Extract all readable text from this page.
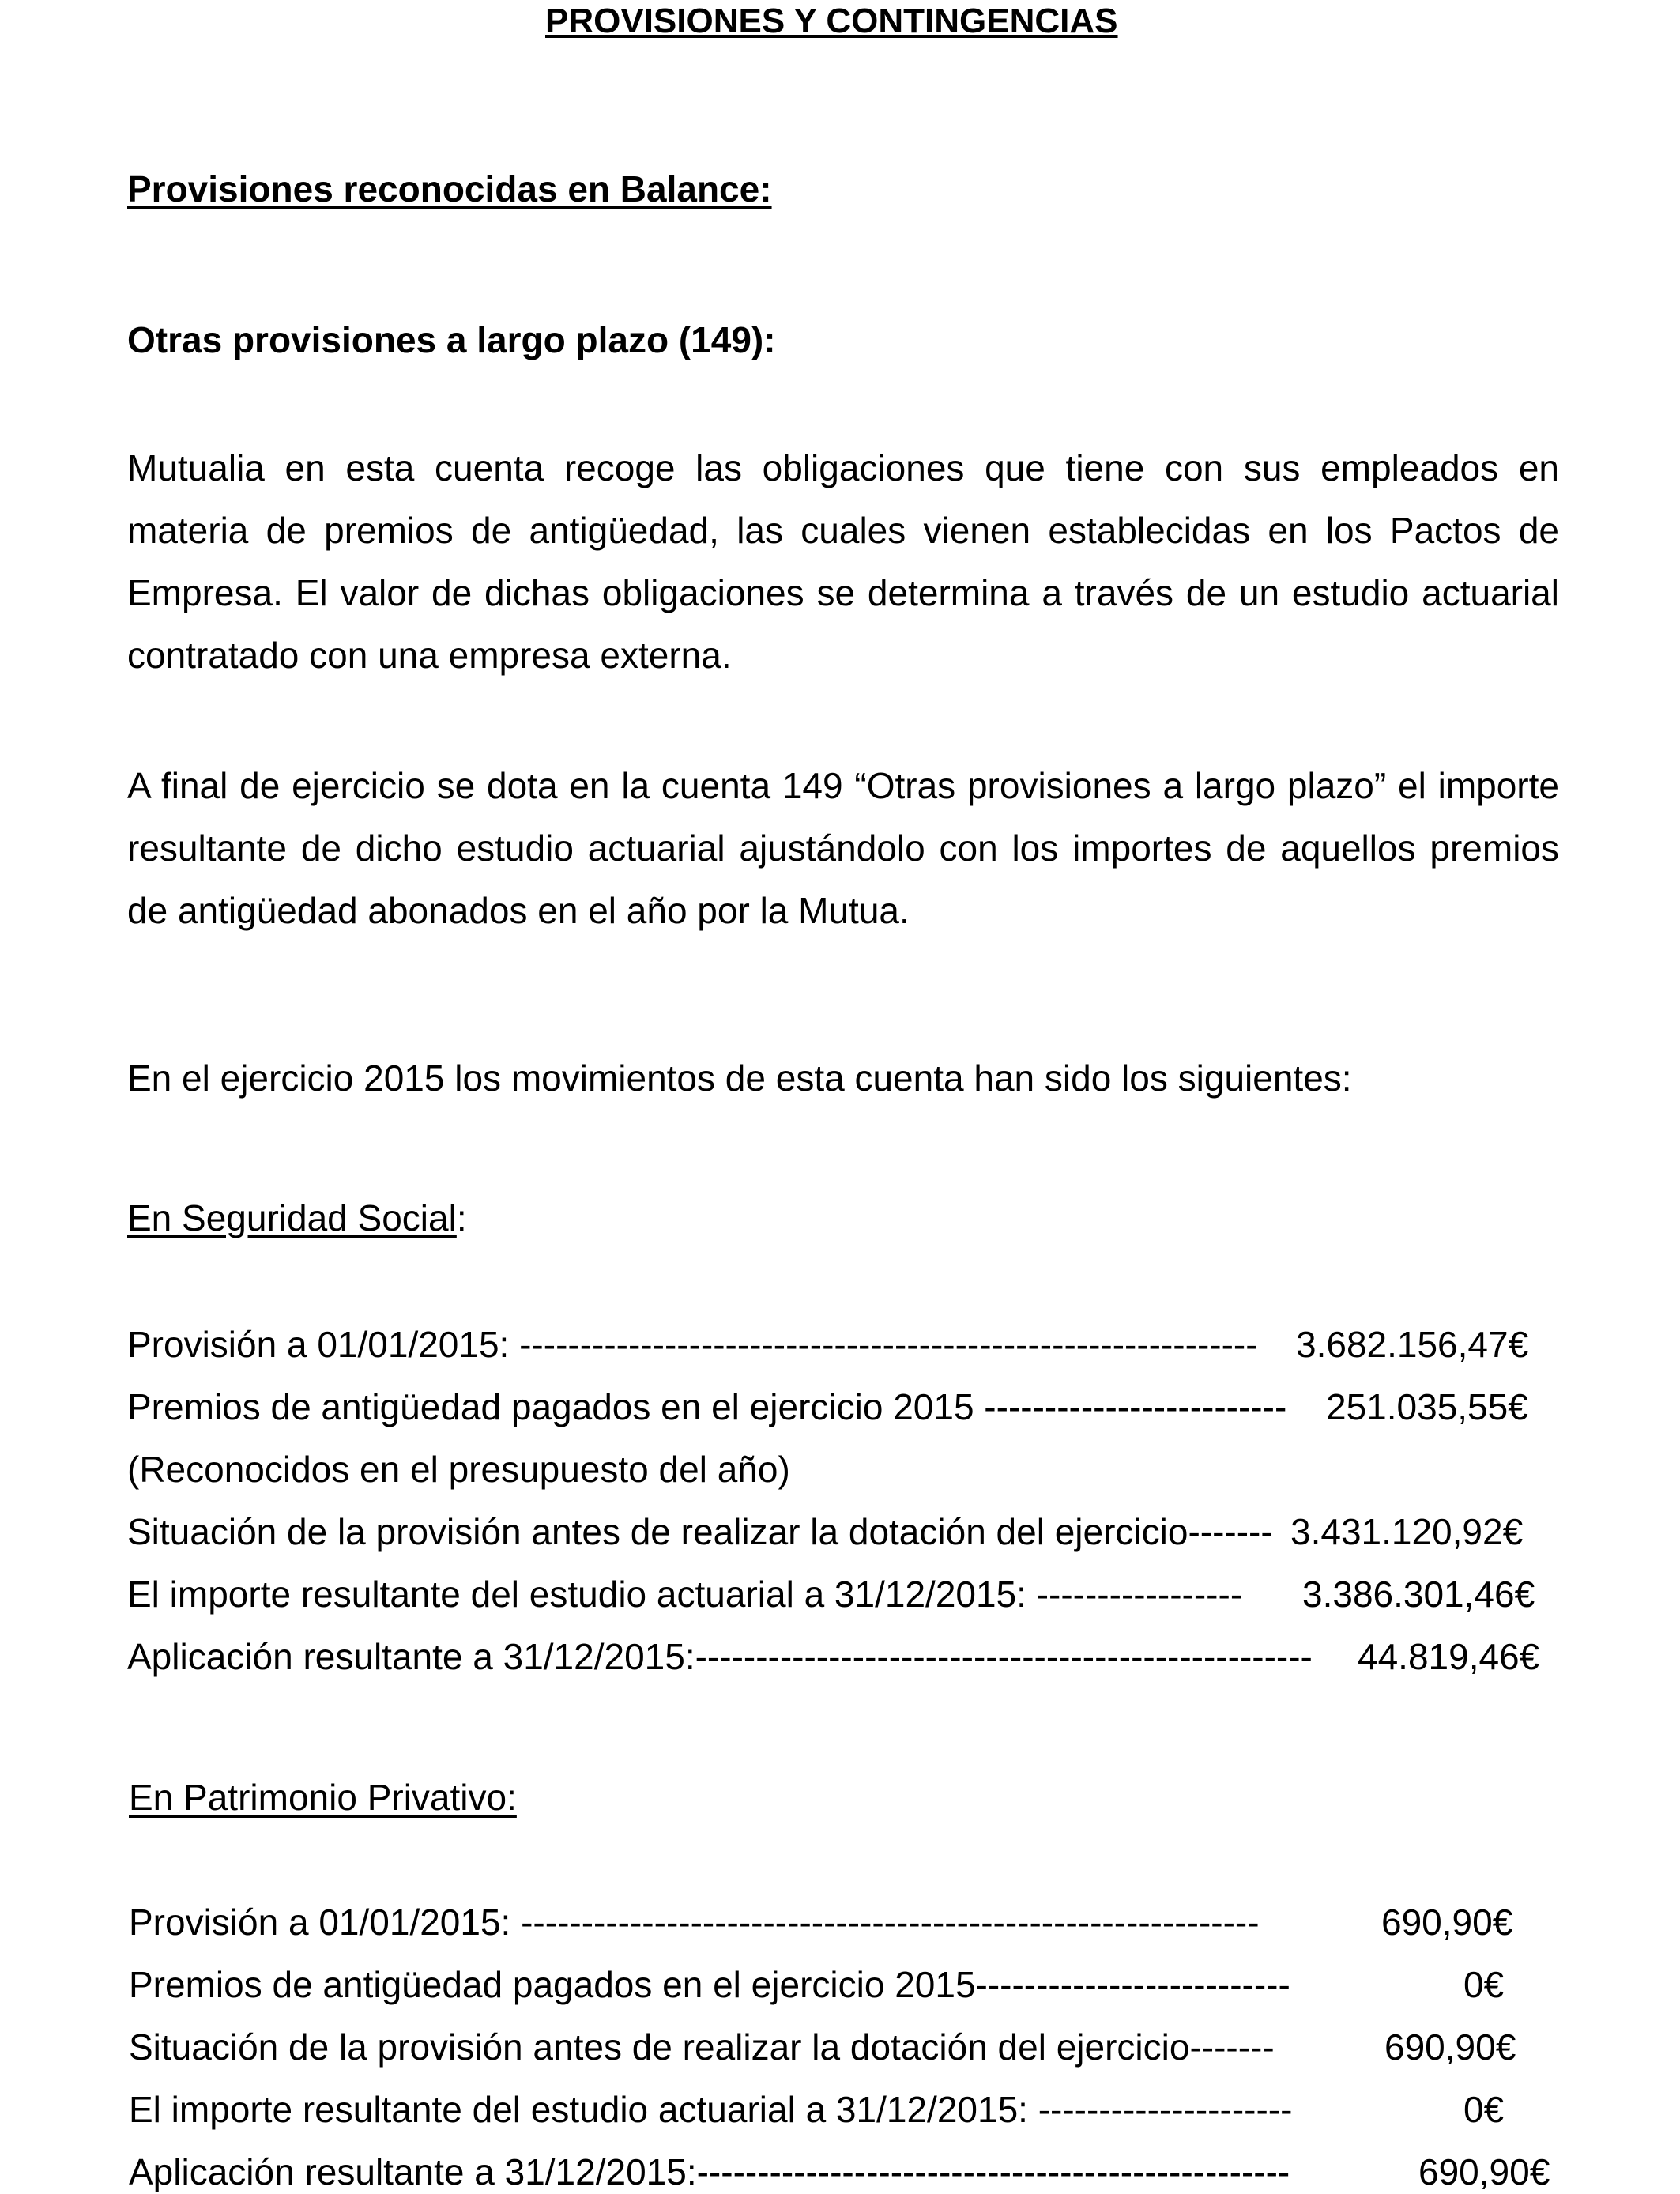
PROVISIONES Y CONTINGENCIAS
Provisiones reconocidas en Balance:
Otras provisiones a largo plazo (149):
Mutualia en esta cuenta recoge las obligaciones que tiene con sus empleados en materia de premios de antigüedad, las cuales vienen establecidas en los Pactos de Empresa. El valor de dichas obligaciones se determina a través de un estudio actuarial contratado con una empresa externa.
A final de ejercicio se dota en la cuenta 149 “Otras provisiones a largo plazo” el importe resultante de dicho estudio actuarial ajustándolo con los importes de aquellos premios de antigüedad abonados en el año por la Mutua.
En el ejercicio 2015 los movimientos de esta cuenta han sido los siguientes:
En Seguridad Social:
Provisión a 01/01/2015: ------------------------------------------------------------- 3.682.156,47€
Premios de antigüedad pagados en el ejercicio 2015 ------------------------- 251.035,55€
(Reconocidos en el presupuesto del año)
Situación de la provisión antes de realizar la dotación del ejercicio------- 3.431.120,92€
El importe resultante del estudio actuarial a 31/12/2015: ----------------- 3.386.301,46€
Aplicación resultante a 31/12/2015:--------------------------------------------------- 44.819,46€
En Patrimonio Privativo:
Provisión a 01/01/2015: -------------------------------------------------------------	690,90€
Premios de antigüedad pagados en el ejercicio 2015--------------------------	0€
Situación de la provisión antes de realizar la dotación del ejercicio-------	690,90€
El importe resultante del estudio actuarial a 31/12/2015: ---------------------	0€
Aplicación resultante a 31/12/2015:-------------------------------------------------	690,90€
